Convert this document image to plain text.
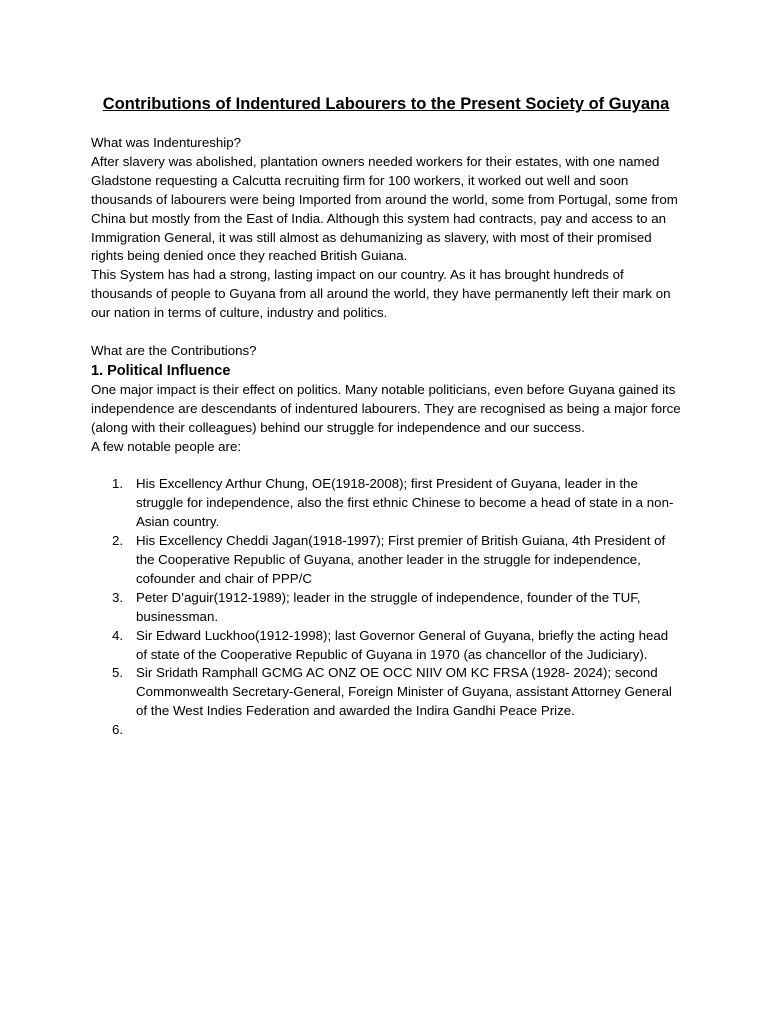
Contributions of Indentured Labourers to the Present Society of Guyana
What was Indentureship?

After slavery was abolished, plantation owners needed workers for their estates, with one named Gladstone requesting a Calcutta recruiting firm for 100 workers, it worked out well and soon thousands of labourers were being Imported from around the world, some from Portugal, some from China but mostly from the East of India. Although this system had contracts, pay and access to an Immigration General, it was still almost as dehumanizing as slavery, with most of their promised rights being denied once they reached British Guiana.

This System has had a strong, lasting impact on our country. As it has brought hundreds of thousands of people to Guyana from all around the world, they have permanently left their mark on our nation in terms of culture, industry and politics.

What are the Contributions?
1. Political Influence

One major impact is their effect on politics. Many notable politicians, even before Guyana gained its independence are descendants of indentured labourers. They are recognised as being a major force (along with their colleagues) behind our struggle for independence and our success.

A few notable people are:
1. His Excellency Arthur Chung, OE(1918-2008); first President of Guyana, leader in the struggle for independence, also the first ethnic Chinese to become a head of state in a non-Asian country.
2. His Excellency Cheddi Jagan(1918-1997); First premier of British Guiana, 4th President of the Cooperative Republic of Guyana, another leader in the struggle for independence, cofounder and chair of PPP/C
3. Peter D’aguir(1912-1989); leader in the struggle of independence, founder of the TUF, businessman.
4. Sir Edward Luckhoo(1912-1998); last Governor General of Guyana, briefly the acting head of state of the Cooperative Republic of Guyana in 1970 (as chancellor of the Judiciary).
5. Sir Sridath Ramphall GCMG AC ONZ OE OCC NIIV OM KC FRSA (1928- 2024); second Commonwealth Secretary-General, Foreign Minister of Guyana, assistant Attorney General of the West Indies Federation and awarded the Indira Gandhi Peace Prize.
6.
